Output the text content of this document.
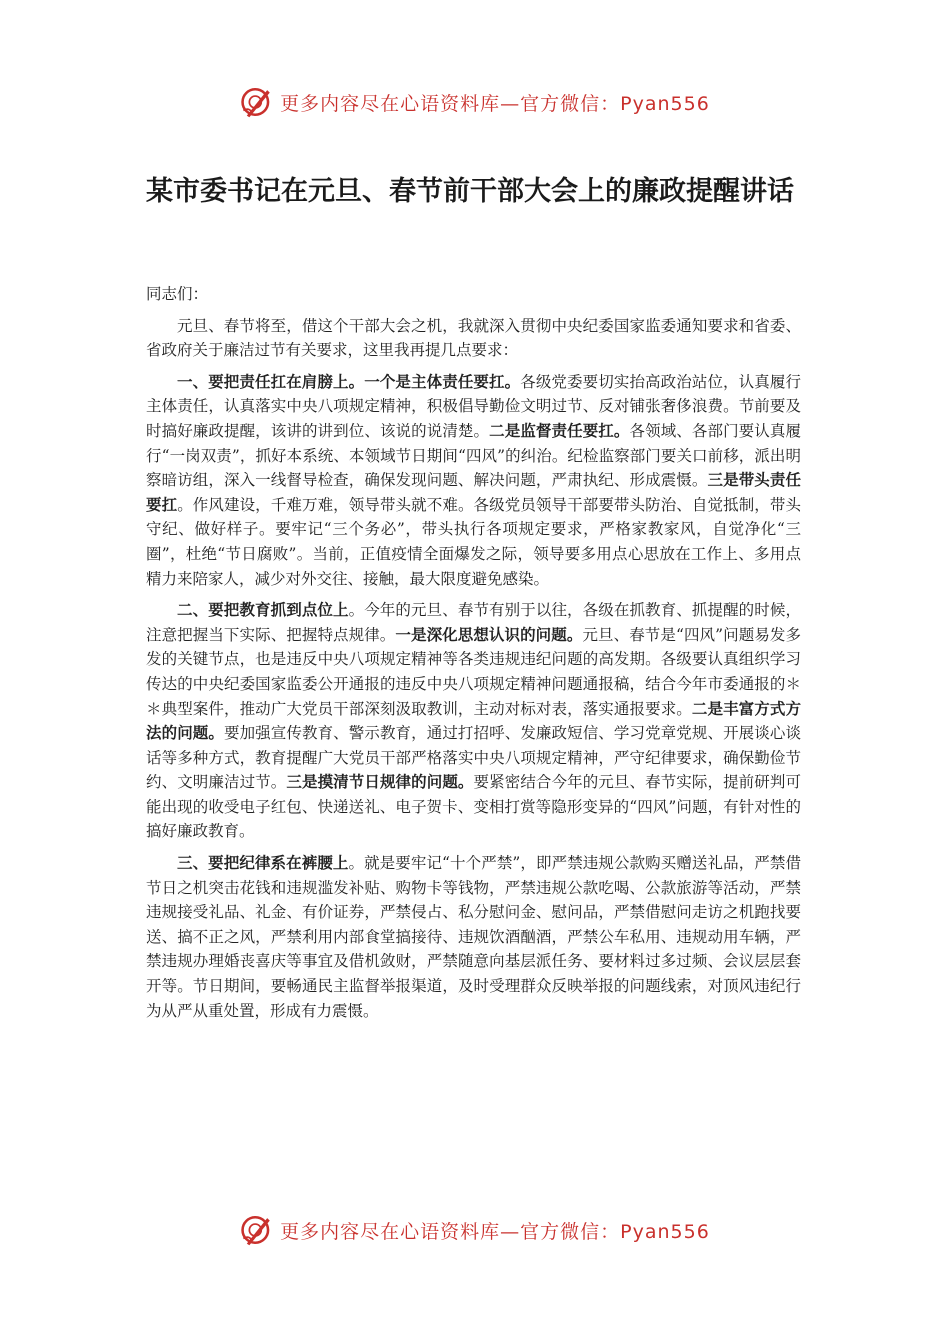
更多内容尽在心语资料库—官方微信：Pyan556
某市委书记在元旦、春节前干部大会上的廉政提醒讲话

同志们：

元旦、春节将至，借这个干部大会之机，我就深入贯彻中央纪委国家监委通知要求和省委、省政府关于廉洁过节有关要求，这里我再提几点要求：

一、要把责任扛在肩膀上。一个是主体责任要扛。各级党委要切实抬高政治站位，认真履行主体责任，认真落实中央八项规定精神，积极倡导勤俭文明过节、反对铺张奢侈浪费。节前要及时搞好廉政提醒，该讲的讲到位、该说的说清楚。二是监督责任要扛。各领域、各部门要认真履行“一岗双责”，抓好本系统、本领域节日期间“四风”的纠治。纪检监察部门要关口前移，派出明察暗访组，深入一线督导检查，确保发现问题、解决问题，严肃执纪、形成震慑。三是带头责任要扛。作风建设，千难万难，领导带头就不难。各级党员领导干部要带头防治、自觉抵制，带头守纪、做好样子。要牢记“三个务必”，带头执行各项规定要求，严格家教家风，自觉净化“三圈”，杜绝“节日腐败”。当前，正值疫情全面爆发之际，领导要多用点心思放在工作上、多用点精力来陪家人，减少对外交往、接触，最大限度避免感染。

二、要把教育抓到点位上。今年的元旦、春节有别于以往，各级在抓教育、抓提醒的时候，注意把握当下实际、把握特点规律。一是深化思想认识的问题。元旦、春节是“四风”问题易发多发的关键节点，也是违反中央八项规定精神等各类违规违纪问题的高发期。各级要认真组织学习传达的中央纪委国家监委公开通报的违反中央八项规定精神问题通报稿，结合今年市委通报的＊＊典型案件，推动广大党员干部深刻汲取教训，主动对标对表，落实通报要求。二是丰富方式方法的问题。要加强宣传教育、警示教育，通过打招呼、发廉政短信、学习党章党规、开展谈心谈话等多种方式，教育提醒广大党员干部严格落实中央八项规定精神，严守纪律要求，确保勤俭节约、文明廉洁过节。三是摸清节日规律的问题。要紧密结合今年的元旦、春节实际，提前研判可能出现的收受电子红包、快递送礼、电子贺卡、变相打赏等隐形变异的“四风”问题，有针对性的搞好廉政教育。

三、要把纪律系在裤腰上。就是要牢记“十个严禁”，即严禁违规公款购买赠送礼品，严禁借节日之机突击花钱和违规滥发补贴、购物卡等钱物，严禁违规公款吃喝、公款旅游等活动，严禁违规接受礼品、礼金、有价证券，严禁侵占、私分慰问金、慰问品，严禁借慰问走访之机跑找要送、搞不正之风，严禁利用内部食堂搞接待、违规饮酒酗酒，严禁公车私用、违规动用车辆，严禁违规办理婚丧喜庆等事宜及借机敛财，严禁随意向基层派任务、要材料过多过频、会议层层套开等。节日期间，要畅通民主监督举报渠道，及时受理群众反映举报的问题线索，对顶风违纪行为从严从重处置，形成有力震慑。

更多内容尽在心语资料库—官方微信：Pyan556
